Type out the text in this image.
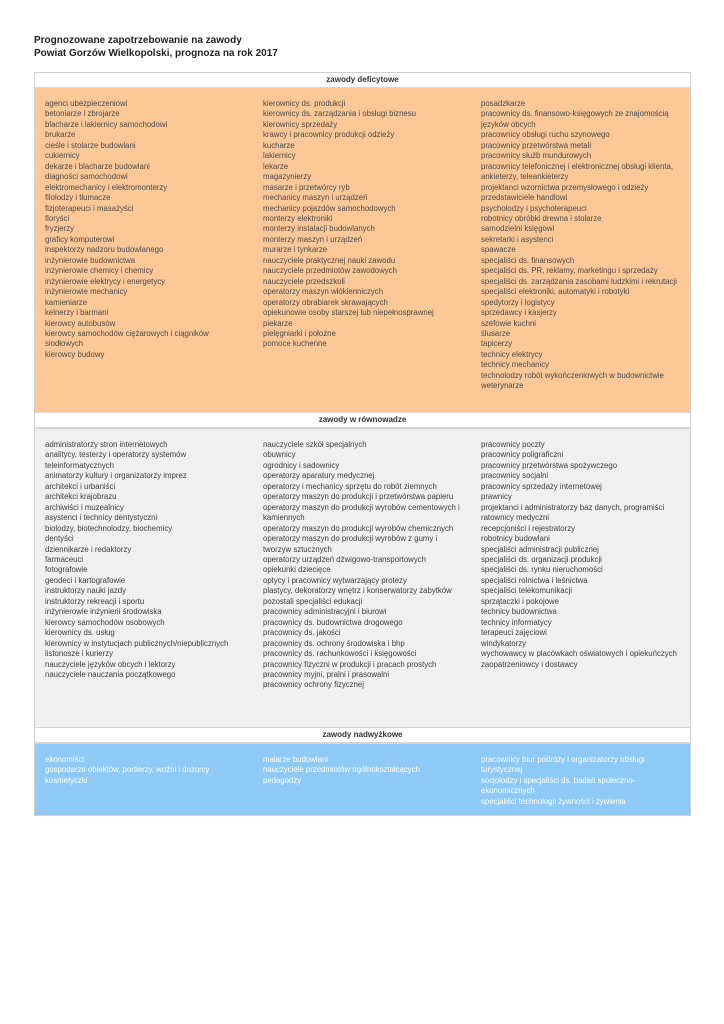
Prognozowane zapotrzebowanie na zawody
Powiat Gorzów Wielkopolski, prognoza na rok 2017
zawody deficytowe
agenci ubezpieczeniowi
betoniarze i zbrojarze
blacharze i lakiernicy samochodowi
brukarze
cieśle i stolarze budowlani
cukiernicy
dekarze i blacharze budowlani
diagności samochodowi
elektromechanicy i elektromonterzy
filolodzy i tłumacze
fizjoterapeuci i masażyści
floryści
fryzjerzy
graficy komputerowi
inspektorzy nadzoru budowlanego
inżynierowie budownictwa
inżynierowie chemicy i chemicy
inżynierowie elektrycy i energetycy
inżynierowie mechanicy
kamieniarze
kelnerzy i barmani
kierowcy autobusów
kierowcy samochodów ciężarowych i ciągników siodłowych
kierowcy budowy
kierownicy ds. produkcji
kierownicy ds. zarządzania i obsługi biznesu
kierownicy sprzedaży
krawcy i pracownicy produkcji odzieży
kucharze
lakiernicy
lekarze
magazynierzy
masarze i przetwórcy ryb
mechanicy maszyn i urządzeń
mechanicy pojazdów samochodowych
monterzy elektroniki
monterzy instalacji budowlanych
monterzy maszyn i urządzeń
murarze i tynkarze
nauczyciele praktycznej nauki zawodu
nauczyciele przedmiotów zawodowych
nauczyciele przedszkoli
operatorzy maszyn włókienniczych
operatorzy obrabiarek skrawających
opiekunowie osoby starszej lub niepełnosprawnej
piekarze
pielęgniarki i położne
pomoce kuchenne
posadzkarze
pracownicy ds. finansowo-księgowych ze znajomością języków obcych
pracownicy obsługi ruchu szynowego
pracownicy przetwórstwa metali
pracownicy służb mundurowych
pracownicy telefonicznej i elektronicznej obsługi klienta, ankieterzy, teleankieterzy
projektanci wzornictwa przemysłowego i odzieży
przedstawiciele handlowi
psycholodzy i psychoterapeuci
robotnicy obróbki drewna i stolarze
samodzielni księgowi
sekretarki i asystenci
spawacze
specjaliści ds. finansowych
specjaliści ds. PR, reklamy, marketingu i sprzedaży
specjaliści ds. zarządzania zasobami ludzkimi i rekrutacji
specjaliści elektroniki, automatyki i robotyki
spedytorzy i logistycy
sprzedawcy i kasjerzy
szefowie kuchni
ślusarze
tapicerzy
technicy elektrycy
technicy mechanicy
technolodzy robót wykończeniowych w budownictwie
weterynarze
zawody w równowadze
administratorzy stron internetowych
analitycy, testerzy i operatorzy systemów teleinformatycznych
animatorzy kultury i organizatorzy imprez
architekci i urbaniści
architekci krajobrazu
archiwiści i muzealnicy
asystenci i technicy dentystyczni
biolodzy, biotechnolodzy, biochemicy
dentyści
dziennikarze i redaktorzy
farmaceuci
fotografowie
geodeci i kartografowie
instruktorzy nauki jazdy
instruktorzy rekreacji i sportu
inżynierowie inżynierii środowiska
kierowcy samochodów osobowych
kierownicy ds. usług
kierownicy w instytucjach publicznych/niepublicznych
listonosze i kurierzy
nauczyciele języków obcych i lektorzy
nauczyciele nauczania początkowego
nauczyciele szkół specjalnych
obuwnicy
ogrodnicy i sadownicy
operatorzy aparatury medycznej
operatorzy i mechanicy sprzętu do robót ziemnych
operatorzy maszyn do produkcji i przetwórstwa papieru
operatorzy maszyn do produkcji wyrobów cementowych i kamiennych
operatorzy maszyn do produkcji wyrobów chemicznych
operatorzy maszyn do produkcji wyrobów z gumy i tworzyw sztucznych
operatorzy urządzeń dźwigowo-transportowych
opiekunki dziecięce
optycy i pracownicy wytwarzający protezy
plastycy, dekoratorzy wnętrz i konserwatorzy zabytków
pozostali specjaliści edukacji
pracownicy administracyjni i biurowi
pracownicy ds. budownictwa drogowego
pracownicy ds. jakości
pracownicy ds. ochrony środowiska i bhp
pracownicy ds. rachunkowości i księgowości
pracownicy fizyczni w produkcji i pracach prostych
pracownicy myjni, pralni i prasowalni
pracownicy ochrony fizycznej
pracownicy poczty
pracownicy poligraficzni
pracownicy przetwórstwa spożywczego
pracownicy socjalni
pracownicy sprzedaży internetowej
prawnicy
projektanci i administratorzy baz danych, programiści
ratownicy medyczni
recepcjoniści i rejestratorzy
robotnicy budowlani
specjaliści administracji publicznej
specjaliści ds. organizacji produkcji
specjaliści ds. rynku nieruchomości
specjaliści rolnictwa i leśnictwa
specjaliści telekomunikacji
sprzątaczki i pokojowe
technicy budownictwa
technicy informatycy
terapeuci zajęciowi
windykatorzy
wychowawcy w placówkach oświatowych i opiekuńczych
zaopatrzeniowcy i dostawcy
zawody nadwyżkowe
ekonomiści
gospodarze obiektów, portierzy, woźni i dozorcy
kosmetyczki
malarze budowlani
nauczyciele przedmiotów ogólnokształcących
pedagodzy
pracownicy biur podróży i organizatorzy obsługi turystycznej
socjolodzy i specjaliści ds. badań społeczno-ekonomicznych
specjaliści technologii żywności i żywienia
